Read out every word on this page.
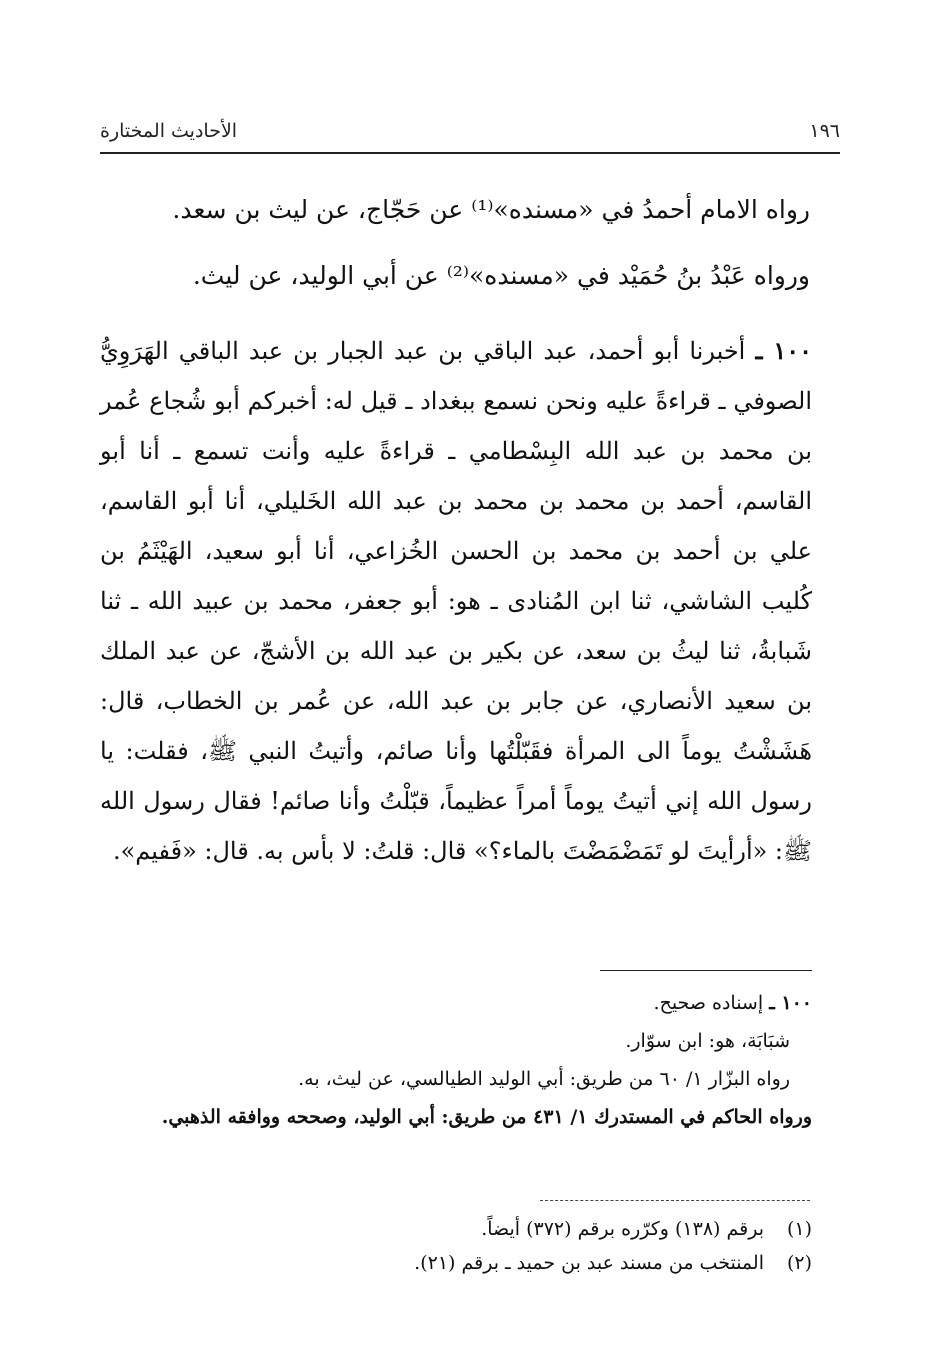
١٩٦
الأحاديث المختارة
رواه الامام أحمدُ في «مسنده»⁽¹⁾ عن حَجّاج، عن ليث بن سعد.
ورواه عَبْدُ بنُ حُمَيْد في «مسنده»⁽²⁾ عن أبي الوليد، عن ليث.
١٠٠ ـ أخبرنا أبو أحمد، عبد الباقي بن عبد الجبار بن عبد الباقي الهَرَوِيُّ الصوفي ـ قراءةً عليه ونحن نسمع ببغداد ـ قيل له: أخبركم أبو شُجاع عُمر بن محمد بن عبد الله البِسْطامي ـ قراءةً عليه وأنت تسمع ـ أنا أبو القاسم، أحمد بن محمد بن محمد بن عبد الله الخَليلي، أنا أبو القاسم، علي بن أحمد بن محمد بن الحسن الخُزاعي، أنا أبو سعيد، الهَيْثَمُ بن كُليب الشاشي، ثنا ابن المُنادى ـ هو: أبو جعفر، محمد بن عبيد الله ـ ثنا شَبابةُ، ثنا ليثُ بن سعد، عن بكير بن عبد الله بن الأشجّ، عن عبد الملك بن سعيد الأنصاري، عن جابر بن عبد الله، عن عُمر بن الخطاب، قال: هَشَشْتُ يوماً الى المرأة فقَبّلْتُها وأنا صائم، وأتيتُ النبي ﷺ، فقلت: يا رسول الله إني أتيتُ يوماً أمراً عظيماً، قبّلْتُ وأنا صائم! فقال رسول الله ﷺ: «أرأيتَ لو تَمَضْمَضْتَ بالماء؟» قال: قلتُ: لا بأس به. قال: «فَفيم».
١٠٠ ـ إسناده صحيح.
شبَابَة، هو: ابن سوّار.
رواه البزّار ١/ ٦٠ من طريق: أبي الوليد الطيالسي، عن ليث، به.
ورواه الحاكم في المستدرك ١/ ٤٣١ من طريق: أبي الوليد، وصححه ووافقه الذهبي.
(١)
برقم (١٣٨) وكرّره برقم (٣٧٢) أيضاً.
(٢)
المنتخب من مسند عبد بن حميد ـ برقم (٢١).
